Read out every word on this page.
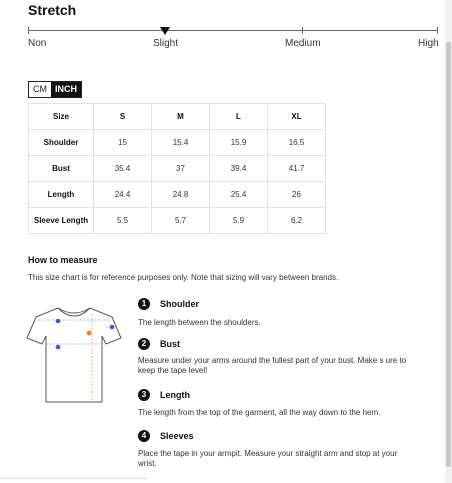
Stretch
Non	Slight	Medium	High
CM INCH
Size	S	M	L	XL
Shoulder	15	15.4	15.9	16.5
Bust	35.4	37	39.4	41.7
Length	24.4	24.8	25.4	26
Sleeve Length	5.5	5.7	5.9	6.2
How to measure
This size chart is for reference purposes only. Note that sizing will vary between brands.
1	Shoulder
The length between the shoulders.
2	Bust
Measure under your arms around the fullest part of your bust. Make s ure to keep the tape level!
3	Length
The length from the top of the garment, all the way down to the hem.
4	Sleeves
Place the tape in your armpit. Measure your straight arm and stop at your wrist.
